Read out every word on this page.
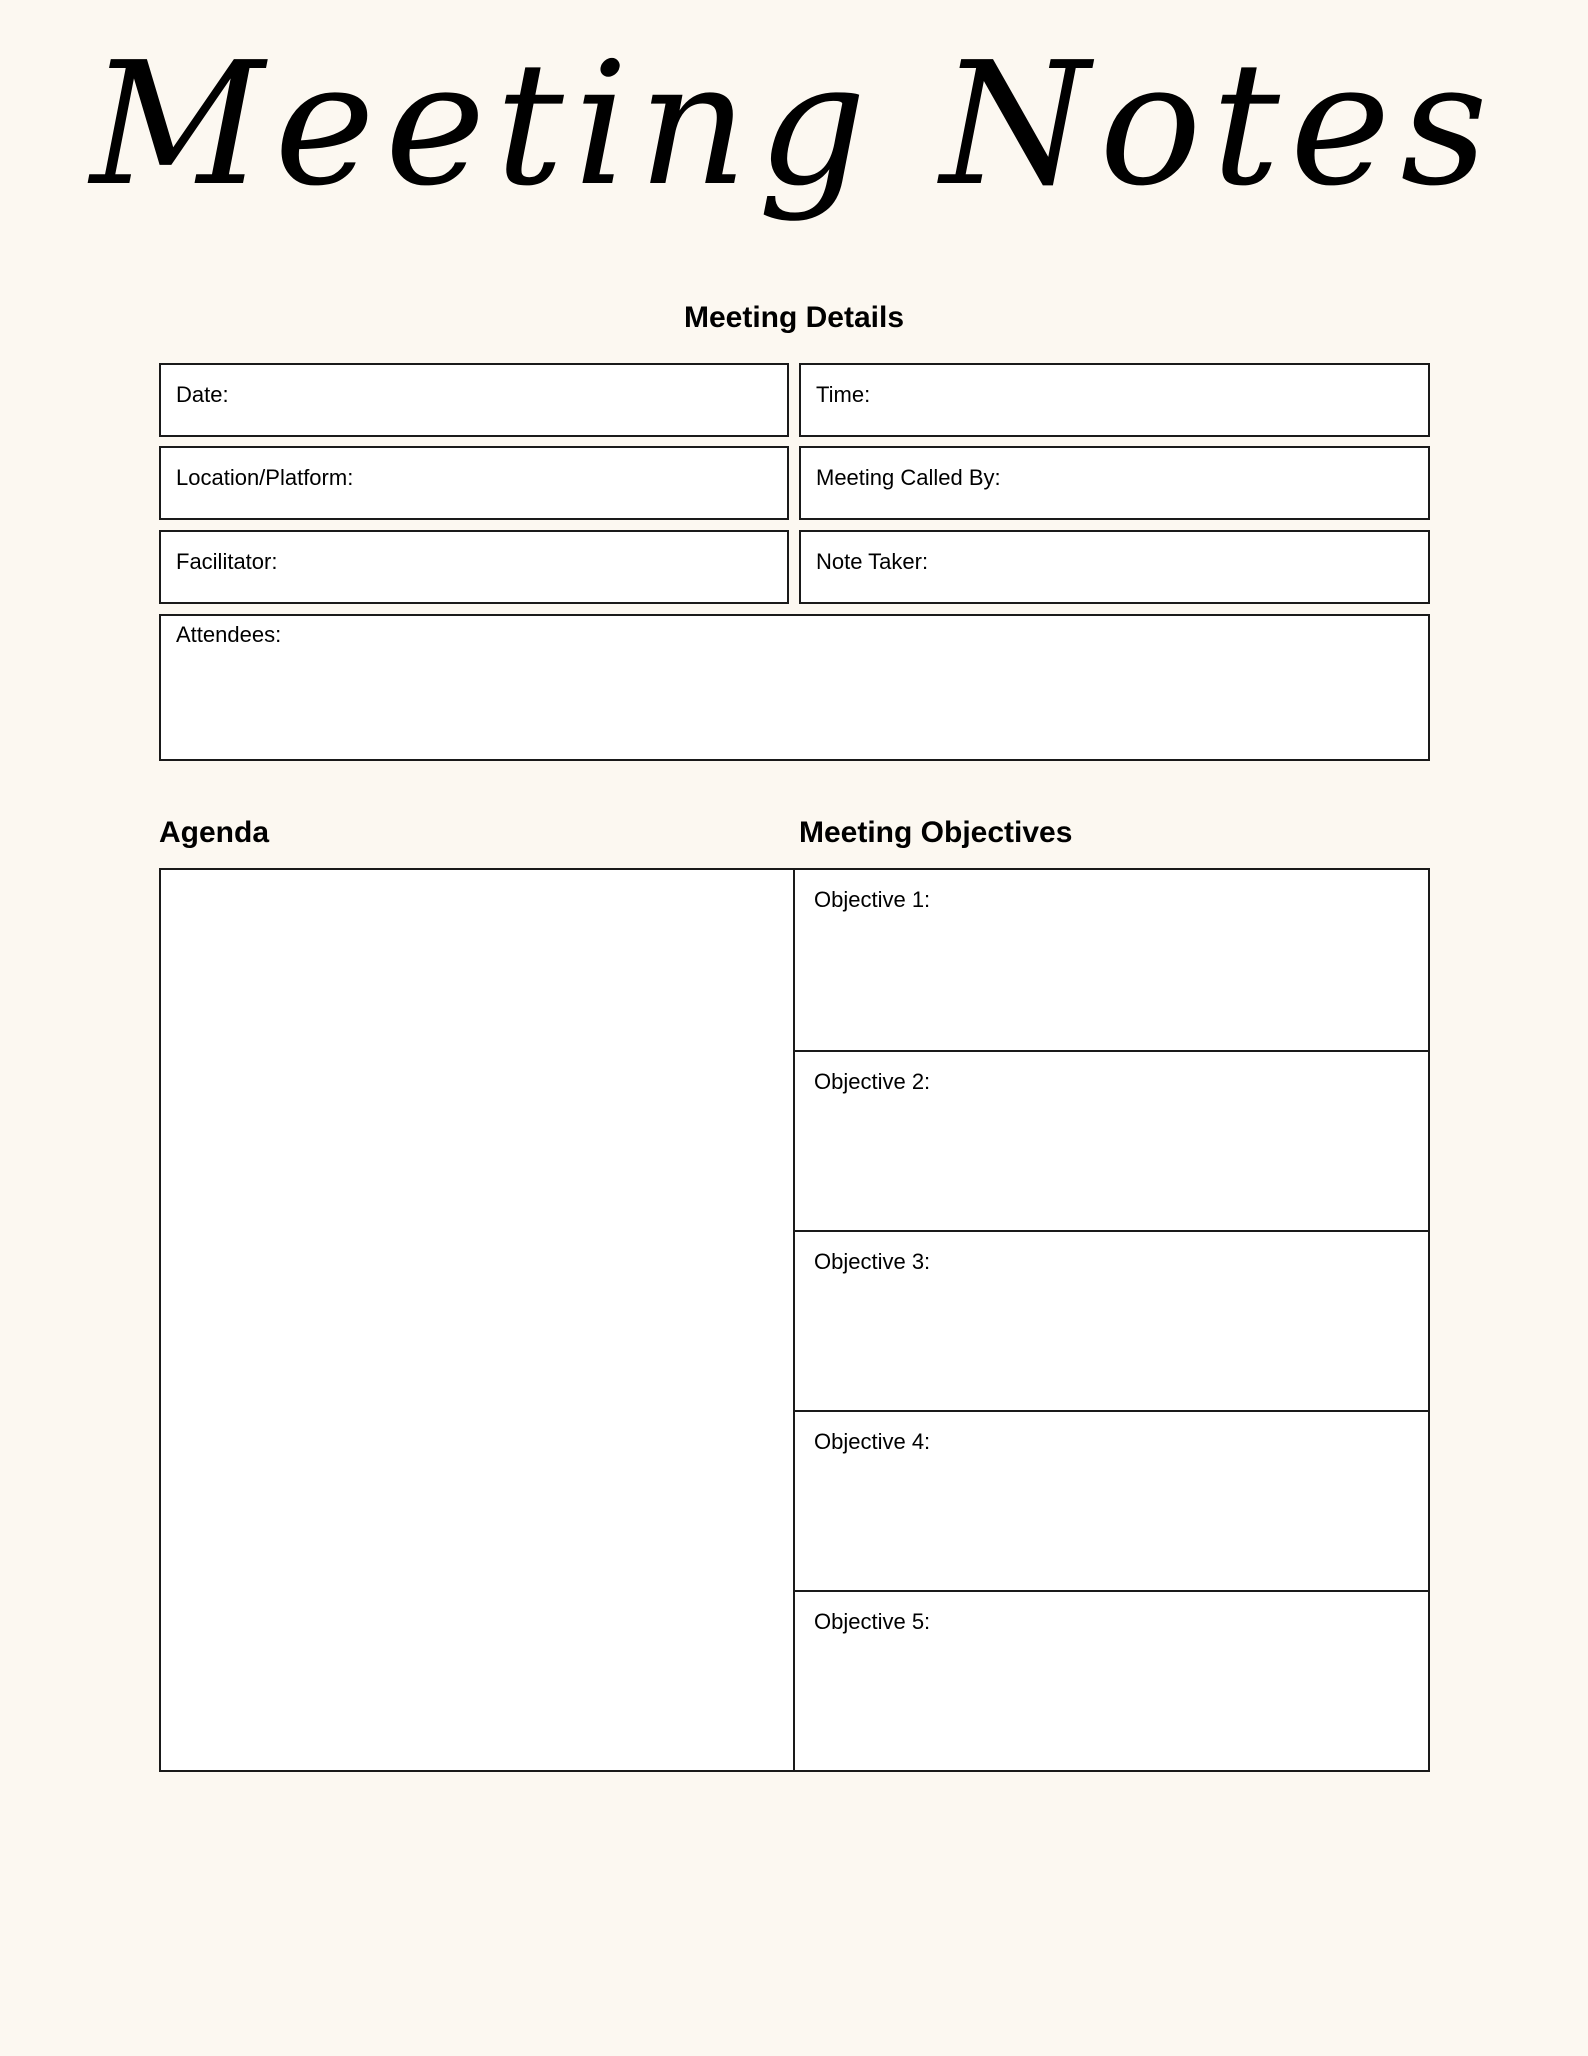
Meeting Notes
Meeting Details
Date:	Time:
Location/Platform:	Meeting Called By:
Facilitator:	Note Taker:
Attendees:
Agenda	Meeting Objectives
Objective 1:
Objective 2:
Objective 3:
Objective 4:
Objective 5:
